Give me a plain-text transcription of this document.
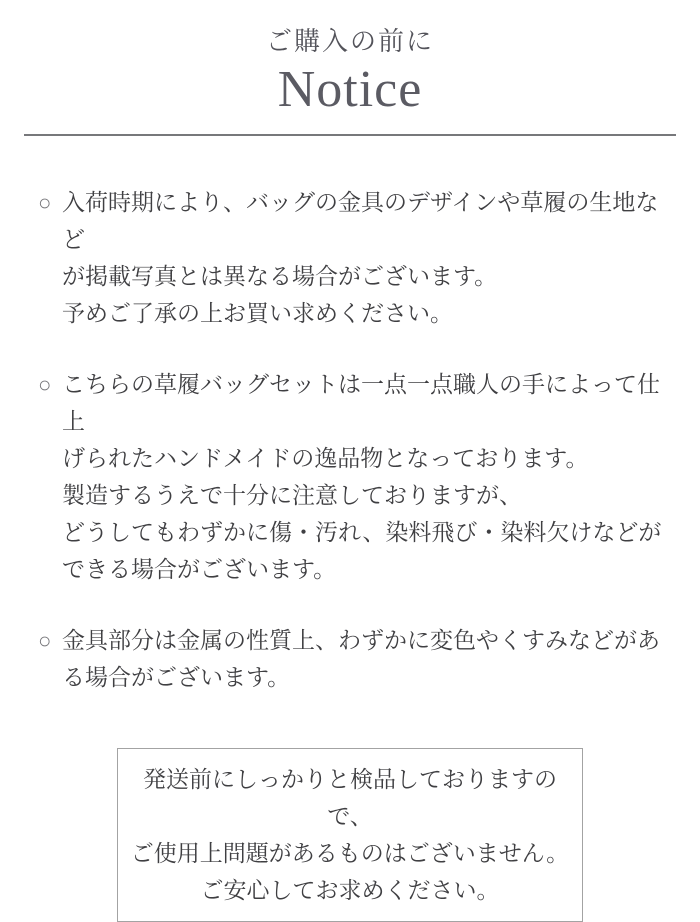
ご購入の前に
Notice
○ 入荷時期により、バッグの金具のデザインや草履の生地など
が掲載写真とは異なる場合がございます。
予めご了承の上お買い求めください。
○ こちらの草履バッグセットは一点一点職人の手によって仕上
げられたハンドメイドの逸品物となっております。
製造するうえで十分に注意しておりますが、
どうしてもわずかに傷・汚れ、染料飛び・染料欠けなどが
できる場合がございます。
○ 金具部分は金属の性質上、わずかに変色やくすみなどがあ
る場合がございます。
発送前にしっかりと検品しておりますので、
ご使用上問題があるものはございません。
ご安心してお求めください。
